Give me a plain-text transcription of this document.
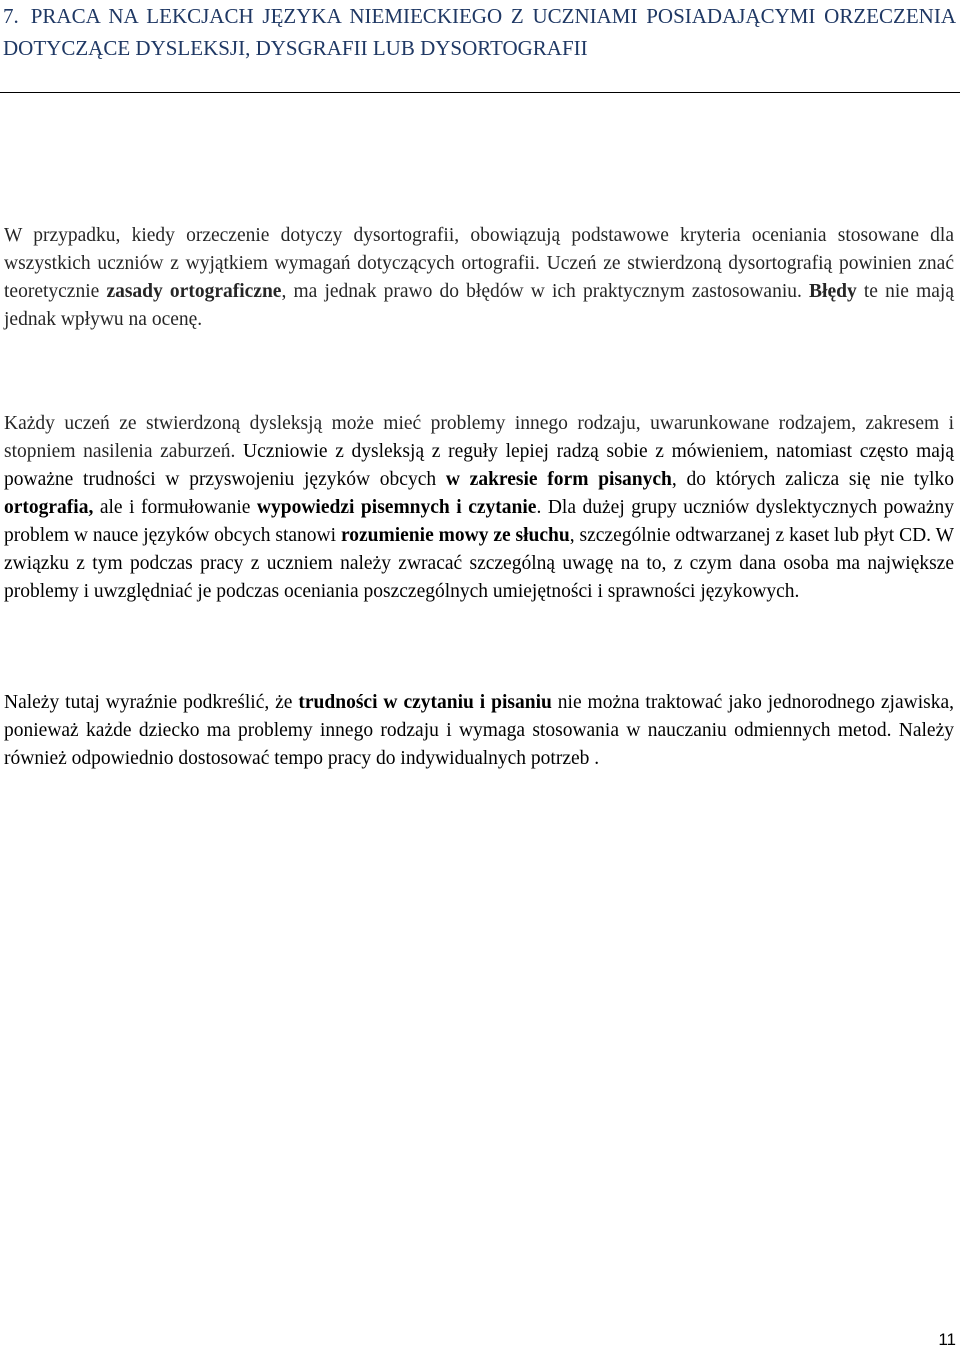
7. PRACA NA LEKCJACH JĘZYKA NIEMIECKIEGO Z UCZNIAMI POSIADAJĄCYMI ORZECZENIA DOTYCZĄCE DYSLEKSJI, DYSGRAFII LUB DYSORTOGRAFII

W przypadku, kiedy orzeczenie dotyczy dysortografii, obowiązują podstawowe kryteria oceniania stosowane dla wszystkich uczniów z wyjątkiem wymagań dotyczących ortografii. Uczeń ze stwierdzoną dysortografią powinien znać teoretycznie zasady ortograficzne, ma jednak prawo do błędów w ich praktycznym zastosowaniu. Błędy te nie mają jednak wpływu na ocenę.

Każdy uczeń ze stwierdzoną dysleksją może mieć problemy innego rodzaju, uwarunkowane rodzajem, zakresem i stopniem nasilenia zaburzeń. Uczniowie z dysleksją z reguły lepiej radzą sobie z mówieniem, natomiast często mają poważne trudności w przyswojeniu języków obcych w zakresie form pisanych, do których zalicza się nie tylko ortografia, ale i formułowanie wypowiedzi pisemnych i czytanie. Dla dużej grupy uczniów dyslektycznych poważny problem w nauce języków obcych stanowi rozumienie mowy ze słuchu, szczególnie odtwarzanej z kaset lub płyt CD. W związku z tym podczas pracy z uczniem należy zwracać szczególną uwagę na to, z czym dana osoba ma największe problemy i uwzględniać je podczas oceniania poszczególnych umiejętności i sprawności językowych.

Należy tutaj wyraźnie podkreślić, że trudności w czytaniu i pisaniu nie można traktować jako jednorodnego zjawiska, ponieważ każde dziecko ma problemy innego rodzaju i wymaga stosowania w nauczaniu odmiennych metod. Należy również odpowiednio dostosować tempo pracy do indywidualnych potrzeb .

11
